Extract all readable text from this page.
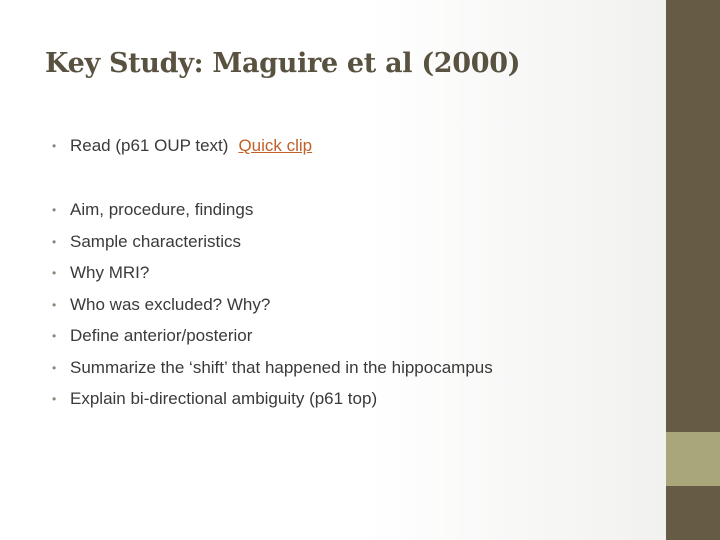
Key Study: Maguire et al (2000)
• Read (p61 OUP text) Quick clip
• Aim, procedure, findings
• Sample characteristics
• Why MRI?
• Who was excluded? Why?
• Define anterior/posterior
• Summarize the ‘shift’ that happened in the hippocampus
• Explain bi-directional ambiguity (p61 top)
